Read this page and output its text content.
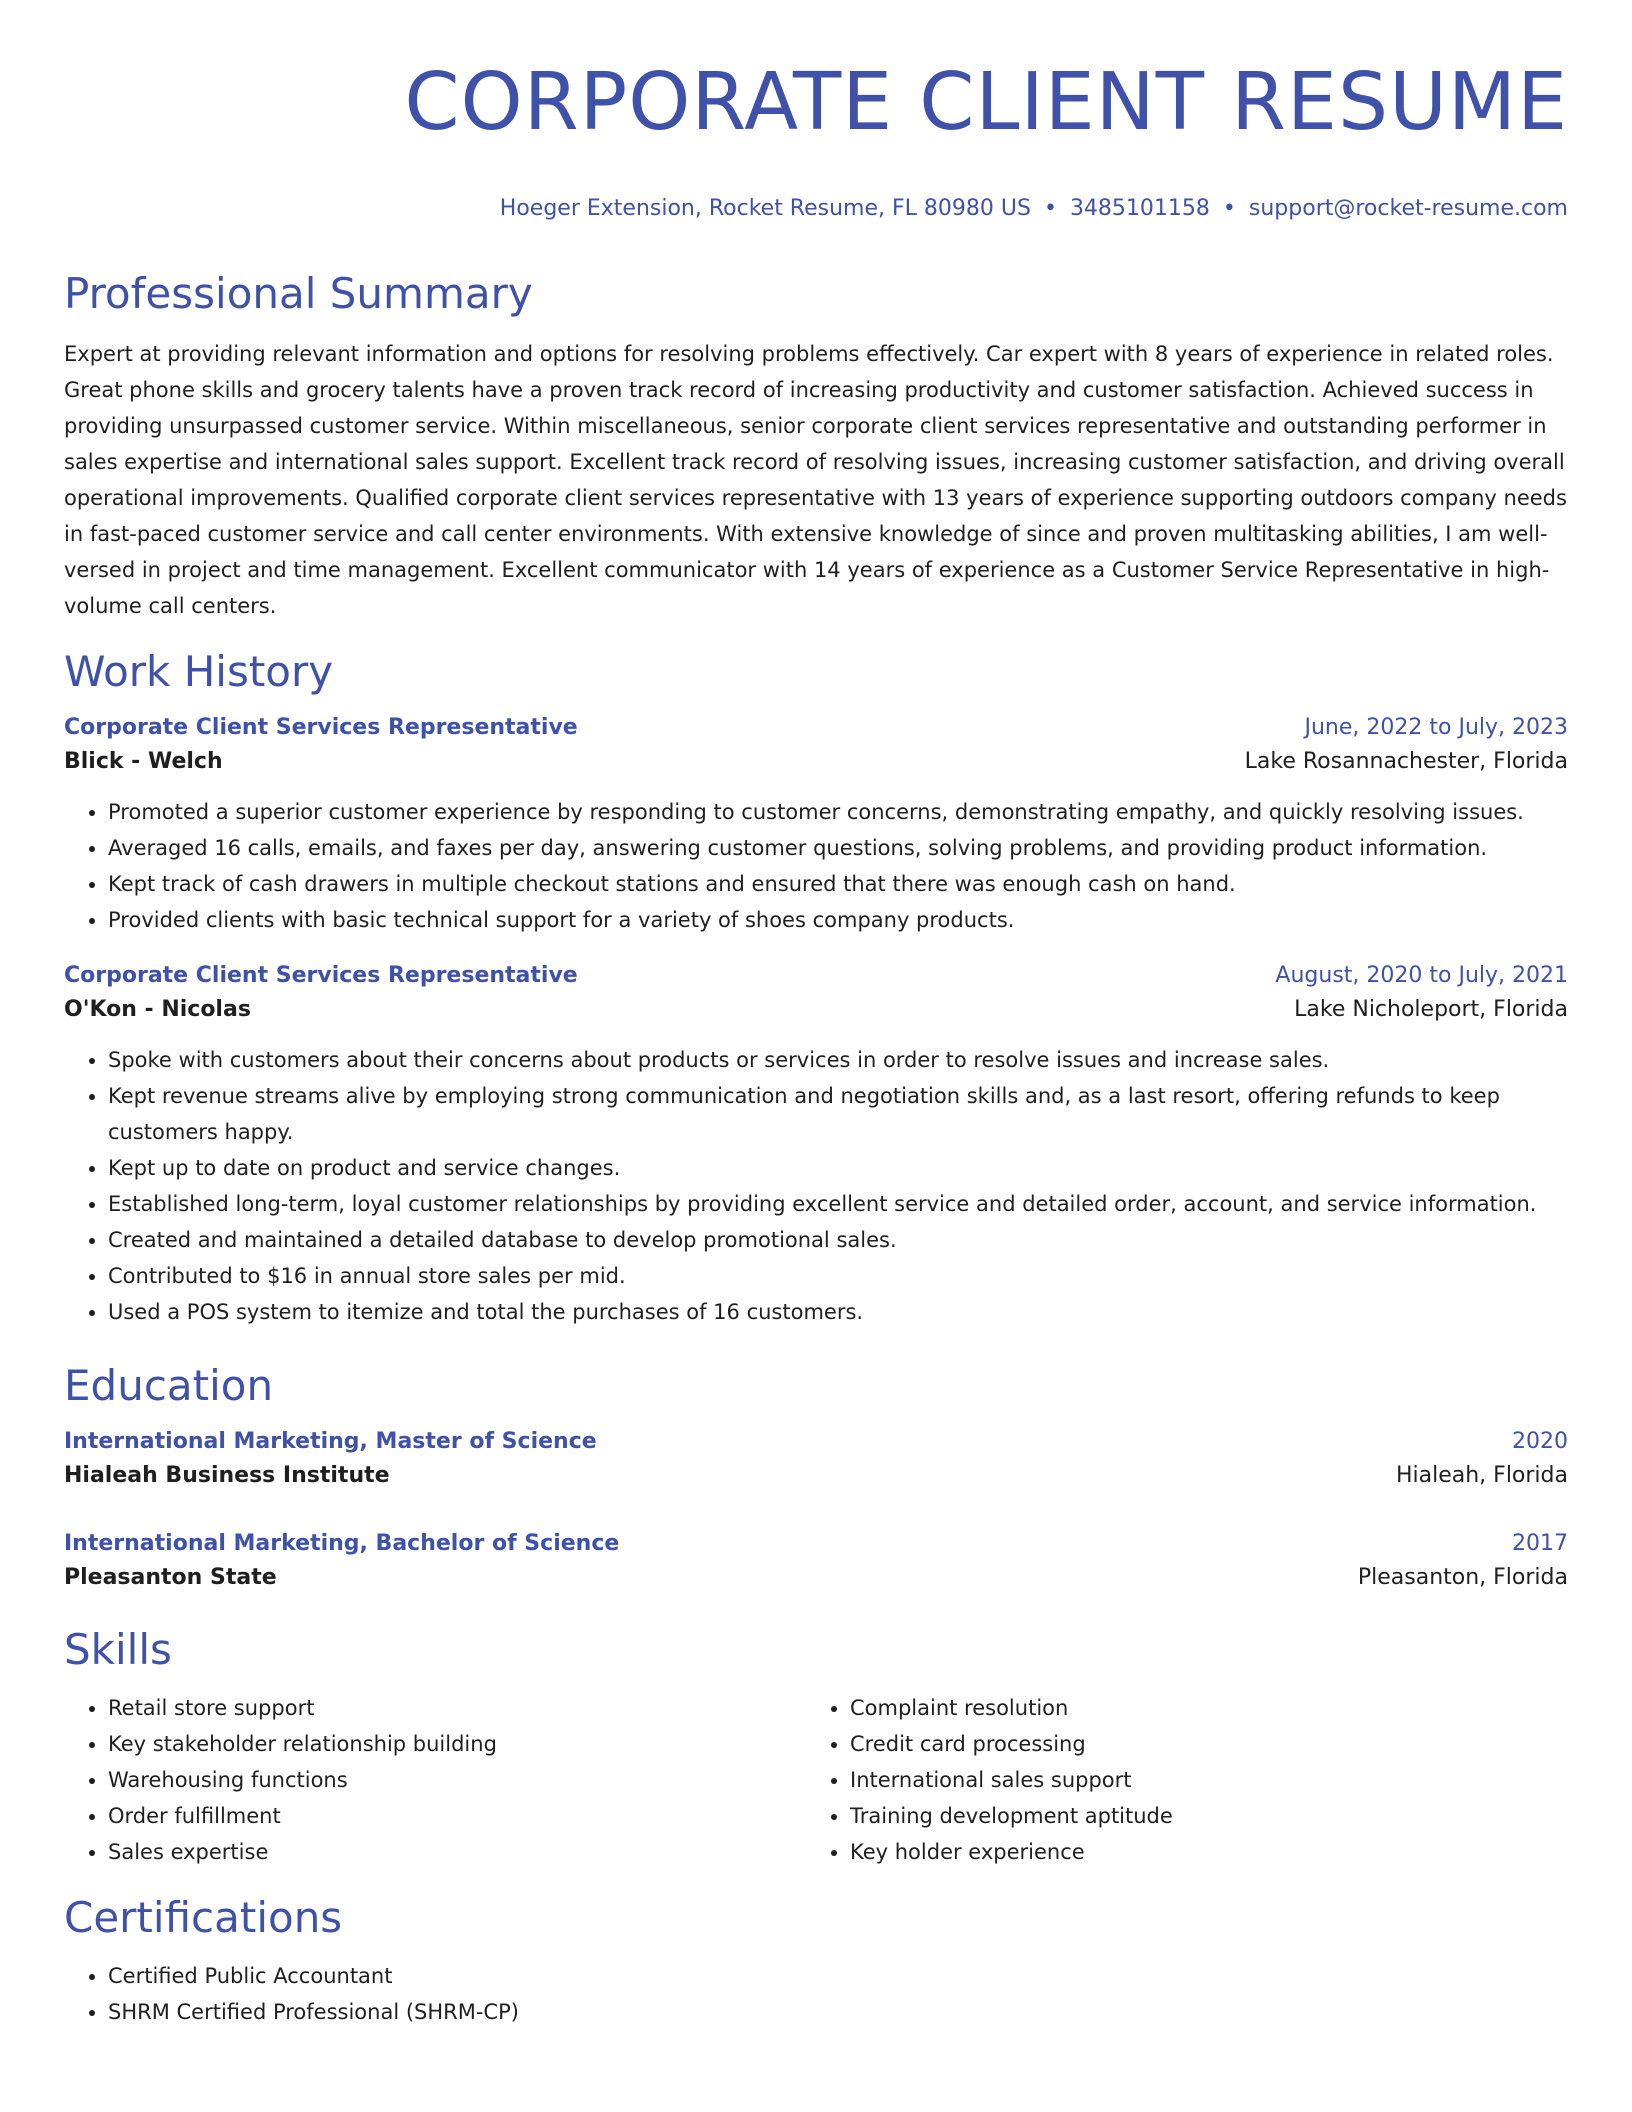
CORPORATE CLIENT RESUME
Hoeger Extension, Rocket Resume, FL 80980 US • 3485101158 • support@rocket-resume.com
Professional Summary

Expert at providing relevant information and options for resolving problems effectively. Car expert with 8 years of experience in related roles. Great phone skills and grocery talents have a proven track record of increasing productivity and customer satisfaction. Achieved success in providing unsurpassed customer service. Within miscellaneous, senior corporate client services representative and outstanding performer in sales expertise and international sales support. Excellent track record of resolving issues, increasing customer satisfaction, and driving overall operational improvements. Qualified corporate client services representative with 13 years of experience supporting outdoors company needs in fast-paced customer service and call center environments. With extensive knowledge of since and proven multitasking abilities, I am well-versed in project and time management. Excellent communicator with 14 years of experience as a Customer Service Representative in high-volume call centers.

Work History
Corporate Client Services Representative	June, 2022 to July, 2023
Blick - Welch	Lake Rosannachester, Florida
• Promoted a superior customer experience by responding to customer concerns, demonstrating empathy, and quickly resolving issues.
• Averaged 16 calls, emails, and faxes per day, answering customer questions, solving problems, and providing product information.
• Kept track of cash drawers in multiple checkout stations and ensured that there was enough cash on hand.
• Provided clients with basic technical support for a variety of shoes company products.
Corporate Client Services Representative	August, 2020 to July, 2021
O'Kon - Nicolas	Lake Nicholeport, Florida
• Spoke with customers about their concerns about products or services in order to resolve issues and increase sales.
• Kept revenue streams alive by employing strong communication and negotiation skills and, as a last resort, offering refunds to keep customers happy.
• Kept up to date on product and service changes.
• Established long-term, loyal customer relationships by providing excellent service and detailed order, account, and service information.
• Created and maintained a detailed database to develop promotional sales.
• Contributed to $16 in annual store sales per mid.
• Used a POS system to itemize and total the purchases of 16 customers.
Education
International Marketing, Master of Science	2020
Hialeah Business Institute	Hialeah, Florida
International Marketing, Bachelor of Science	2017
Pleasanton State	Pleasanton, Florida
Skills
• Retail store support
• Key stakeholder relationship building
• Warehousing functions
• Order fulfillment
• Sales expertise
• Complaint resolution
• Credit card processing
• International sales support
• Training development aptitude
• Key holder experience
Certifications
• Certified Public Accountant
• SHRM Certified Professional (SHRM-CP)
